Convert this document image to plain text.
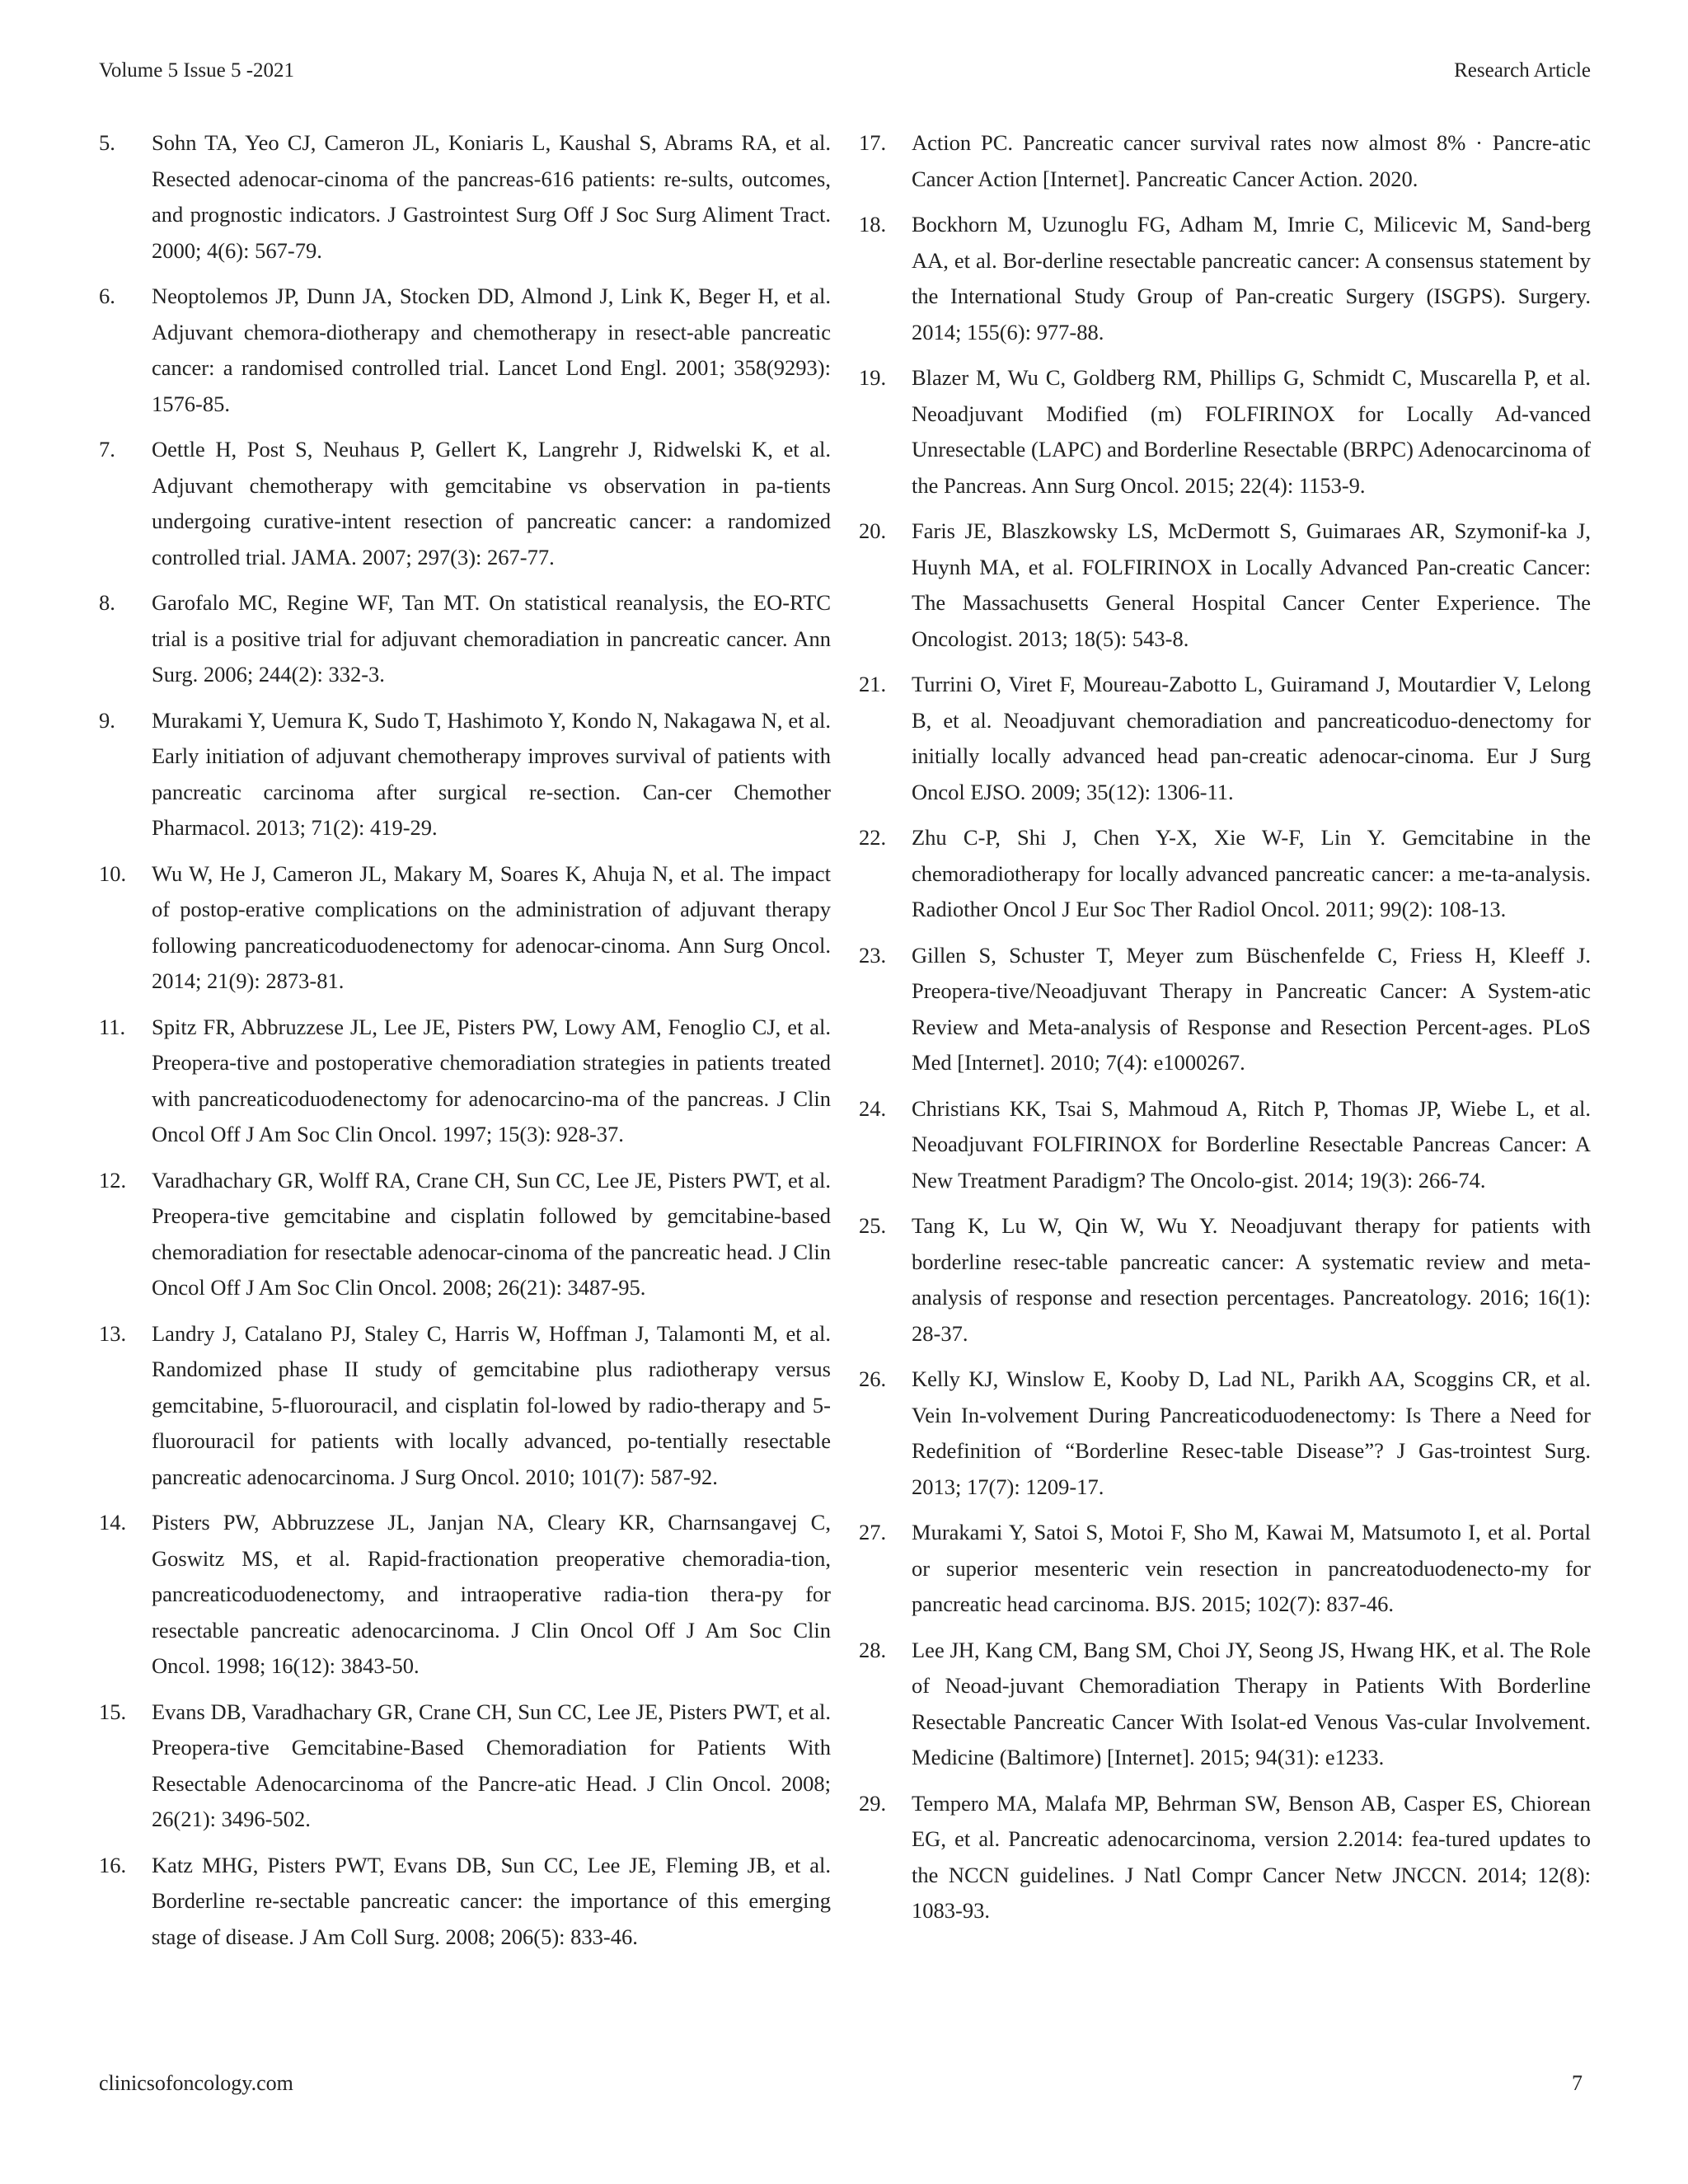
Volume 5 Issue 5 -2021	Research Article
5.	Sohn TA, Yeo CJ, Cameron JL, Koniaris L, Kaushal S, Abrams RA, et al. Resected adenocar-cinoma of the pancreas-616 patients: re-sults, outcomes, and prognostic indicators. J Gastrointest Surg Off J Soc Surg Aliment Tract. 2000; 4(6): 567-79.
6.	Neoptolemos JP, Dunn JA, Stocken DD, Almond J, Link K, Beger H, et al. Adjuvant chemora-diotherapy and chemotherapy in resect-able pancreatic cancer: a randomised controlled trial. Lancet Lond Engl. 2001; 358(9293): 1576-85.
7.	Oettle H, Post S, Neuhaus P, Gellert K, Langrehr J, Ridwelski K, et al. Adjuvant chemotherapy with gemcitabine vs observation in pa-tients undergoing curative-intent resection of pancreatic cancer: a randomized controlled trial. JAMA. 2007; 297(3): 267-77.
8.	Garofalo MC, Regine WF, Tan MT. On statistical reanalysis, the EO-RTC trial is a positive trial for adjuvant chemoradiation in pancreatic cancer. Ann Surg. 2006; 244(2): 332-3.
9.	Murakami Y, Uemura K, Sudo T, Hashimoto Y, Kondo N, Nakagawa N, et al. Early initiation of adjuvant chemotherapy improves survival of patients with pancreatic carcinoma after surgical re-section. Can-cer Chemother Pharmacol. 2013; 71(2): 419-29.
10.	Wu W, He J, Cameron JL, Makary M, Soares K, Ahuja N, et al. The impact of postop-erative complications on the administration of adjuvant therapy following pancreaticoduodenectomy for adenocar-cinoma. Ann Surg Oncol. 2014; 21(9): 2873-81.
11.	Spitz FR, Abbruzzese JL, Lee JE, Pisters PW, Lowy AM, Fenoglio CJ, et al. Preopera-tive and postoperative chemoradiation strategies in patients treated with pancreaticoduodenectomy for adenocarcino-ma of the pancreas. J Clin Oncol Off J Am Soc Clin Oncol. 1997; 15(3): 928-37.
12.	Varadhachary GR, Wolff RA, Crane CH, Sun CC, Lee JE, Pisters PWT, et al. Preopera-tive gemcitabine and cisplatin followed by gemcitabine-based chemoradiation for resectable adenocar-cinoma of the pancreatic head. J Clin Oncol Off J Am Soc Clin Oncol. 2008; 26(21): 3487-95.
13.	Landry J, Catalano PJ, Staley C, Harris W, Hoffman J, Talamonti M, et al. Randomized phase II study of gemcitabine plus radiotherapy versus gemcitabine, 5-fluorouracil, and cisplatin fol-lowed by radio-therapy and 5-fluorouracil for patients with locally advanced, po-tentially resectable pancreatic adenocarcinoma. J Surg Oncol. 2010; 101(7): 587-92.
14.	Pisters PW, Abbruzzese JL, Janjan NA, Cleary KR, Charnsangavej C, Goswitz MS, et al. Rapid-fractionation preoperative chemoradia-tion, pancreaticoduodenectomy, and intraoperative radia-tion thera-py for resectable pancreatic adenocarcinoma. J Clin Oncol Off J Am Soc Clin Oncol. 1998; 16(12): 3843-50.
15.	Evans DB, Varadhachary GR, Crane CH, Sun CC, Lee JE, Pisters PWT, et al. Preopera-tive Gemcitabine-Based Chemoradiation for Patients With Resectable Adenocarcinoma of the Pancre-atic Head. J Clin Oncol. 2008; 26(21): 3496-502.
16.	Katz MHG, Pisters PWT, Evans DB, Sun CC, Lee JE, Fleming JB, et al. Borderline re-sectable pancreatic cancer: the importance of this emerging stage of disease. J Am Coll Surg. 2008; 206(5): 833-46.
17.	Action PC. Pancreatic cancer survival rates now almost 8% · Pancre-atic Cancer Action [Internet]. Pancreatic Cancer Action. 2020.
18.	Bockhorn M, Uzunoglu FG, Adham M, Imrie C, Milicevic M, Sand-berg AA, et al. Bor-derline resectable pancreatic cancer: A consensus statement by the International Study Group of Pan-creatic Surgery (ISGPS). Surgery. 2014; 155(6): 977-88.
19.	Blazer M, Wu C, Goldberg RM, Phillips G, Schmidt C, Muscarella P, et al. Neoadjuvant Modified (m) FOLFIRINOX for Locally Ad-vanced Unresectable (LAPC) and Borderline Resectable (BRPC) Adenocarcinoma of the Pancreas. Ann Surg Oncol. 2015; 22(4): 1153-9.
20.	Faris JE, Blaszkowsky LS, McDermott S, Guimaraes AR, Szymonif-ka J, Huynh MA, et al. FOLFIRINOX in Locally Advanced Pan-creatic Cancer: The Massachusetts General Hospital Cancer Center Experience. The Oncologist. 2013; 18(5): 543-8.
21.	Turrini O, Viret F, Moureau-Zabotto L, Guiramand J, Moutardier V, Lelong B, et al. Neoadjuvant chemoradiation and pancreaticoduo-denectomy for initially locally advanced head pan-creatic adenocar-cinoma. Eur J Surg Oncol EJSO. 2009; 35(12): 1306-11.
22.	Zhu C-P, Shi J, Chen Y-X, Xie W-F, Lin Y. Gemcitabine in the chemoradiotherapy for locally advanced pancreatic cancer: a me-ta-analysis. Radiother Oncol J Eur Soc Ther Radiol Oncol. 2011; 99(2): 108-13.
23.	Gillen S, Schuster T, Meyer zum Büschenfelde C, Friess H, Kleeff J. Preopera-tive/Neoadjuvant Therapy in Pancreatic Cancer: A System-atic Review and Meta-analysis of Response and Resection Percent-ages. PLoS Med [Internet]. 2010; 7(4): e1000267.
24.	Christians KK, Tsai S, Mahmoud A, Ritch P, Thomas JP, Wiebe L, et al. Neoadjuvant FOLFIRINOX for Borderline Resectable Pancreas Cancer: A New Treatment Paradigm? The Oncolo-gist. 2014; 19(3): 266-74.
25.	Tang K, Lu W, Qin W, Wu Y. Neoadjuvant therapy for patients with borderline resec-table pancreatic cancer: A systematic review and meta-analysis of response and resection percentages. Pancreatology. 2016; 16(1): 28-37.
26.	Kelly KJ, Winslow E, Kooby D, Lad NL, Parikh AA, Scoggins CR, et al. Vein In-volvement During Pancreaticoduodenectomy: Is There a Need for Redefinition of “Borderline Resec-table Disease”? J Gas-trointest Surg. 2013; 17(7): 1209-17.
27.	Murakami Y, Satoi S, Motoi F, Sho M, Kawai M, Matsumoto I, et al. Portal or superior mesenteric vein resection in pancreatoduodenecto-my for pancreatic head carcinoma. BJS. 2015; 102(7): 837-46.
28.	Lee JH, Kang CM, Bang SM, Choi JY, Seong JS, Hwang HK, et al. The Role of Neoad-juvant Chemoradiation Therapy in Patients With Borderline Resectable Pancreatic Cancer With Isolat-ed Venous Vas-cular Involvement. Medicine (Baltimore) [Internet]. 2015; 94(31): e1233.
29.	Tempero MA, Malafa MP, Behrman SW, Benson AB, Casper ES, Chiorean EG, et al. Pancreatic adenocarcinoma, version 2.2014: fea-tured updates to the NCCN guidelines. J Natl Compr Cancer Netw JNCCN. 2014; 12(8): 1083-93.
clinicsofoncology.com	7
